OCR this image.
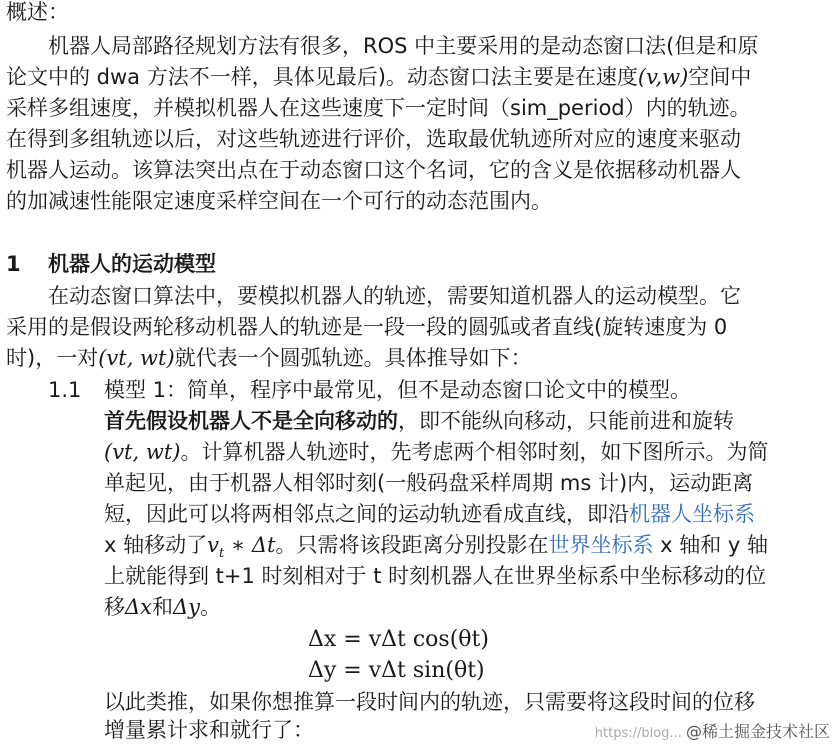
概述：
机器人局部路径规划方法有很多，ROS 中主要采用的是动态窗口法(但是和原
论文中的 dwa 方法不一样，具体见最后)。动态窗口法主要是在速度(v,w)空间中
采样多组速度，并模拟机器人在这些速度下一定时间（sim_period）内的轨迹。
在得到多组轨迹以后，对这些轨迹进行评价，选取最优轨迹所对应的速度来驱动
机器人运动。该算法突出点在于动态窗口这个名词，它的含义是依据移动机器人
的加减速性能限定速度采样空间在一个可行的动态范围内。
1 机器人的运动模型
在动态窗口算法中，要模拟机器人的轨迹，需要知道机器人的运动模型。它
采用的是假设两轮移动机器人的轨迹是一段一段的圆弧或者直线(旋转速度为 0
时)，一对(vt, wt)就代表一个圆弧轨迹。具体推导如下：
1.1 模型 1：简单，程序中最常见，但不是动态窗口论文中的模型。
首先假设机器人不是全向移动的，即不能纵向移动，只能前进和旋转
(vt, wt)。计算机器人轨迹时，先考虑两个相邻时刻，如下图所示。为简
单起见，由于机器人相邻时刻(一般码盘采样周期 ms 计)内，运动距离
短，因此可以将两相邻点之间的运动轨迹看成直线，即沿机器人坐标系
x 轴移动了$v_t$ ∗ Δt。只需将该段距离分别投影在世界坐标系 x 轴和 y 轴
上就能得到 t+1 时刻相对于 t 时刻机器人在世界坐标系中坐标移动的位
移Δx和Δy。
Δx = vΔt cos(θt)
Δy = vΔt sin(θt)
以此类推，如果你想推算一段时间内的轨迹，只需要将这段时间的位移
增量累计求和就行了：	https://blog... @稀土掘金技术社区
